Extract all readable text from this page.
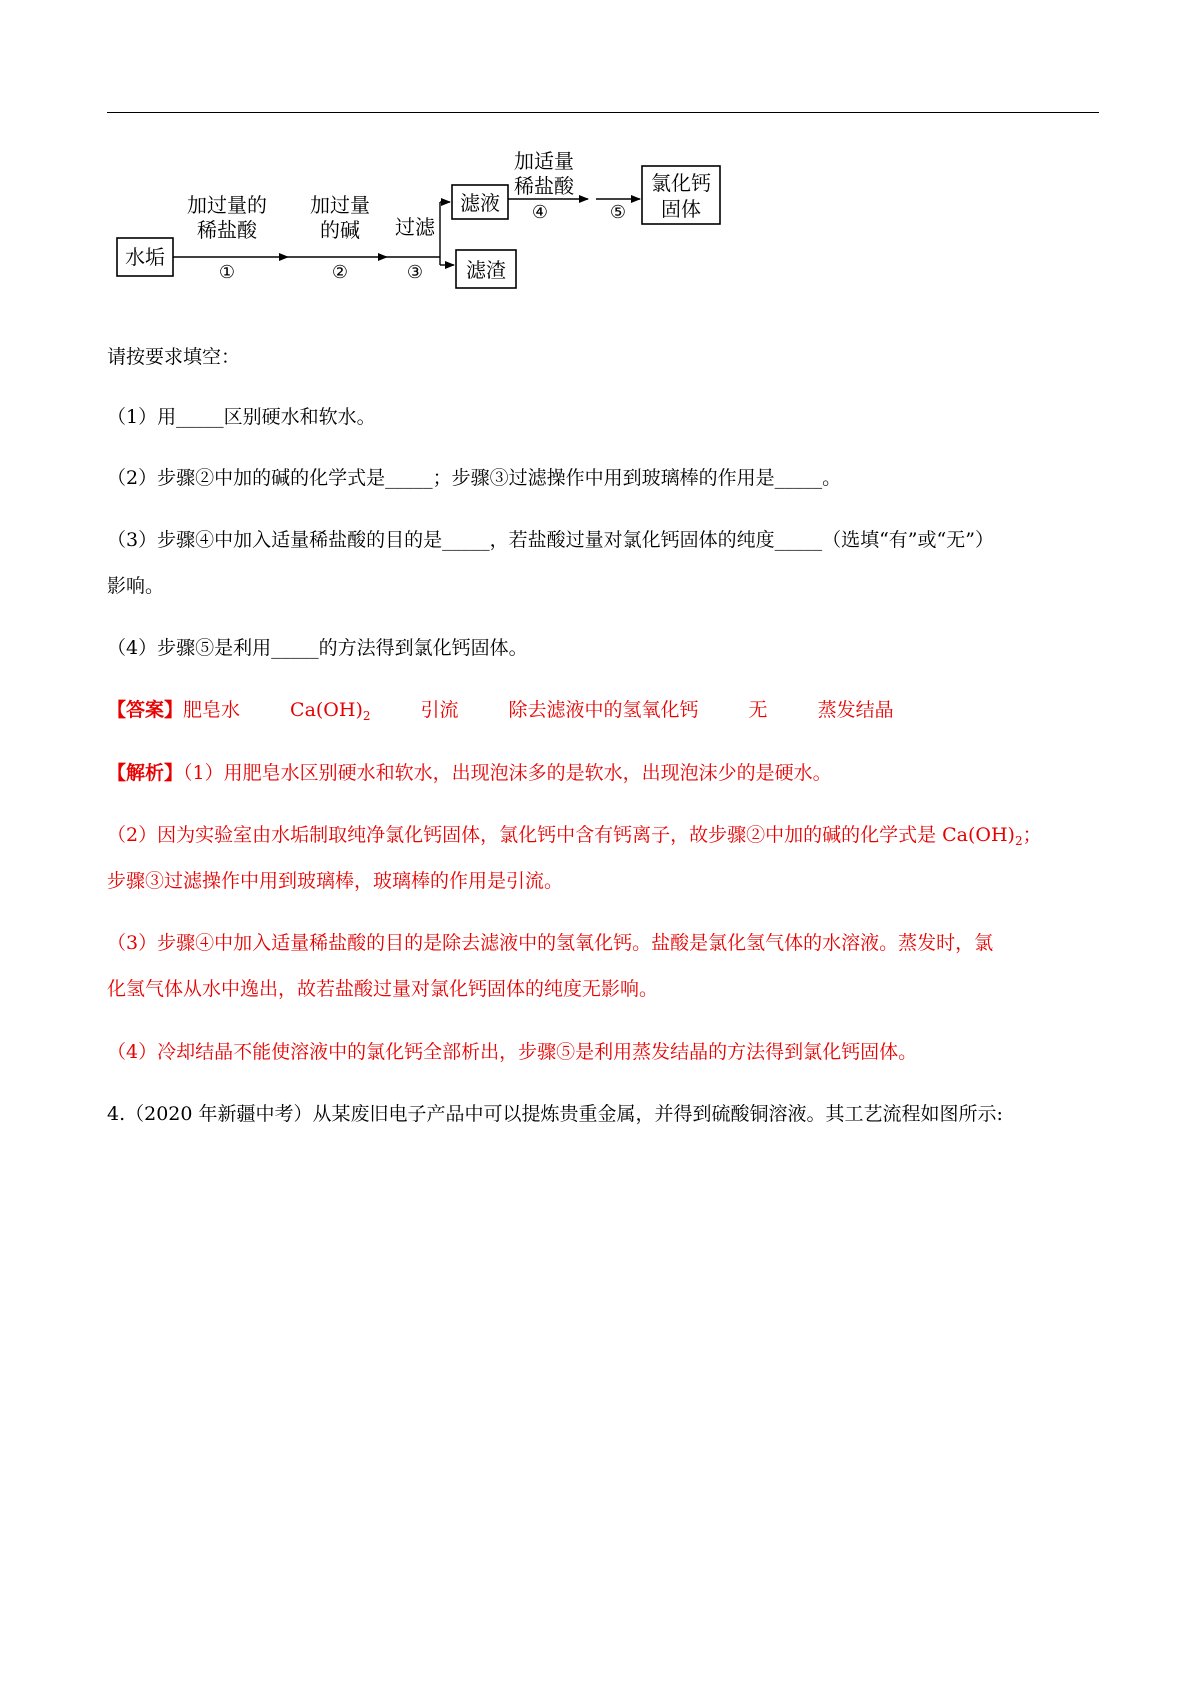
水垢
加过量的
稀盐酸
①
加过量
的碱
②
过滤
③
滤液
滤渣
加适量
稀盐酸
④	⑤
氯化钙
固体
请按要求填空：
（1）用_____区别硬水和软水。
（2）步骤②中加的碱的化学式是_____；步骤③过滤操作中用到玻璃棒的作用是_____。
（3）步骤④中加入适量稀盐酸的目的是_____，若盐酸过量对氯化钙固体的纯度_____（选填“有”或“无”）
影响。
（4）步骤⑤是利用_____的方法得到氯化钙固体。
【答案】肥皂水	$Ca(OH)_2$	引流	除去滤液中的氢氧化钙	无	蒸发结晶
【解析】（1）用肥皂水区别硬水和软水，出现泡沫多的是软水，出现泡沫少的是硬水。
（2）因为实验室由水垢制取纯净氯化钙固体，氯化钙中含有钙离子，故步骤②中加的碱的化学式是 $Ca(OH)_2$；
步骤③过滤操作中用到玻璃棒，玻璃棒的作用是引流。
（3）步骤④中加入适量稀盐酸的目的是除去滤液中的氢氧化钙。盐酸是氯化氢气体的水溶液。蒸发时，氯
化氢气体从水中逸出，故若盐酸过量对氯化钙固体的纯度无影响。
（4）冷却结晶不能使溶液中的氯化钙全部析出，步骤⑤是利用蒸发结晶的方法得到氯化钙固体。
4.（2020 年新疆中考）从某废旧电子产品中可以提炼贵重金属，并得到硫酸铜溶液。其工艺流程如图所示:
